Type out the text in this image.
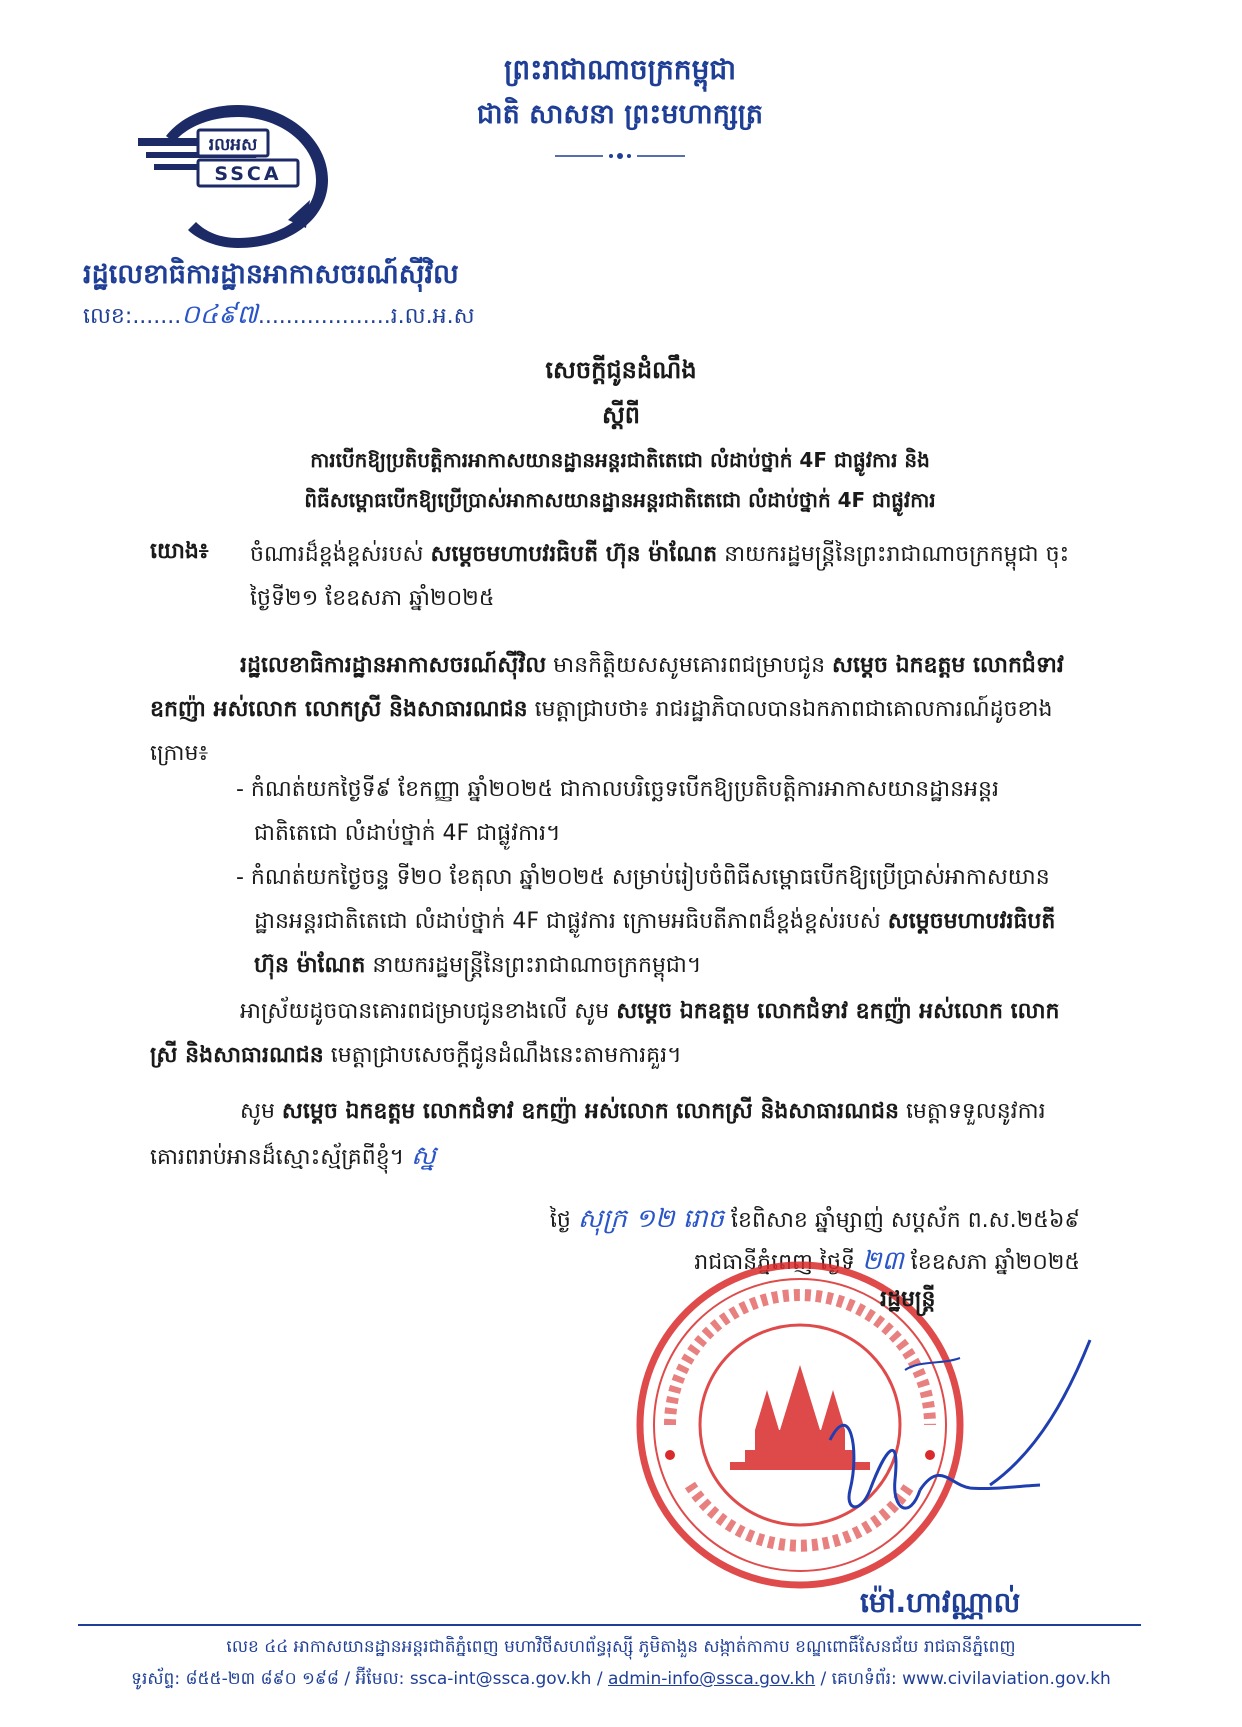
ព្រះរាជាណាចក្រកម្ពុជា
ជាតិ សាសនា ព្រះមហាក្សត្រ
រលអស
SSCA
រដ្ឋលេខាធិការដ្ឋានអាកាសចរណ៍ស៊ីវិល
លេខ:.......០៤៩៧...................រ.ល.អ.ស
សេចក្តីជូនដំណឹង
ស្តីពី
ការបើកឱ្យប្រតិបត្តិការអាកាសយានដ្ឋានអន្តរជាតិតេជោ លំដាប់ថ្នាក់ 4F ជាផ្លូវការ និង
ពិធីសម្ពោធបើកឱ្យប្រើប្រាស់អាកាសយានដ្ឋានអន្តរជាតិតេជោ លំដាប់ថ្នាក់ 4F ជាផ្លូវការ
យោង៖ ចំណារដ៏ខ្ពង់ខ្ពស់របស់ សម្តេចមហាបវរធិបតី ហ៊ុន ម៉ាណែត នាយករដ្ឋមន្ត្រីនៃព្រះរាជាណាចក្រកម្ពុជា ចុះថ្ងៃទី២១ ខែឧសភា ឆ្នាំ២០២៥
រដ្ឋលេខាធិការដ្ឋានអាកាសចរណ៍ស៊ីវិល មានកិត្តិយសសូមគោរពជម្រាបជូន សម្តេច ឯកឧត្តម លោកជំទាវ ឧកញ៉ា អស់លោក លោកស្រី និងសាធារណជន មេត្តាជ្រាបថា៖ រាជរដ្ឋាភិបាលបានឯកភាពជាគោលការណ៍ដូចខាងក្រោម៖
- កំណត់យកថ្ងៃទី៩ ខែកញ្ញា ឆ្នាំ២០២៥ ជាកាលបរិច្ឆេទបើកឱ្យប្រតិបត្តិការអាកាសយានដ្ឋានអន្តរជាតិតេជោ លំដាប់ថ្នាក់ 4F ជាផ្លូវការ។
- កំណត់យកថ្ងៃចន្ទ ទី២០ ខែតុលា ឆ្នាំ២០២៥ សម្រាប់រៀបចំពិធីសម្ពោធបើកឱ្យប្រើប្រាស់អាកាសយានដ្ឋានអន្តរជាតិតេជោ លំដាប់ថ្នាក់ 4F ជាផ្លូវការ ក្រោមអធិបតីភាពដ៏ខ្ពង់ខ្ពស់របស់ សម្តេចមហាបវរធិបតី ហ៊ុន ម៉ាណែត នាយករដ្ឋមន្ត្រីនៃព្រះរាជាណាចក្រកម្ពុជា។
អាស្រ័យដូចបានគោរពជម្រាបជូនខាងលើ សូម សម្តេច ឯកឧត្តម លោកជំទាវ ឧកញ៉ា អស់លោក លោកស្រី និងសាធារណជន មេត្តាជ្រាបសេចក្តីជូនដំណឹងនេះតាមការគួរ។
សូម សម្តេច ឯកឧត្តម លោកជំទាវ ឧកញ៉ា អស់លោក លោកស្រី និងសាធារណជន មេត្តាទទួលនូវការគោរពរាប់អានដ៏ស្មោះស្ម័គ្រពីខ្ញុំ។ ស្ន
ថ្ងៃ សុក្រ ១២ រោច ខែពិសាខ ឆ្នាំម្សាញ់ សប្តស័ក ព.ស.២៥៦៩
រាជធានីភ្នំពេញ ថ្ងៃទី ២៣ ខែឧសភា ឆ្នាំ២០២៥
រដ្ឋមន្ត្រី
ម៉ៅ.ហាវណ្ណាល់
លេខ ៤៤ អាកាសយានដ្ឋានអន្តរជាតិភ្នំពេញ មហាវិថីសហព័ន្ធរុស្ស៊ី ភូមិតាងួន សង្កាត់កាកាប ខណ្ឌពោធិ៍សែនជ័យ រាជធានីភ្នំពេញ
ទូរស័ព្ទ: ៨៥៥-២៣ ៨៩០ ១៩៨ / អ៊ីមែល: ssca-int@ssca.gov.kh / admin-info@ssca.gov.kh / គេហទំព័រ: www.civilaviation.gov.kh
